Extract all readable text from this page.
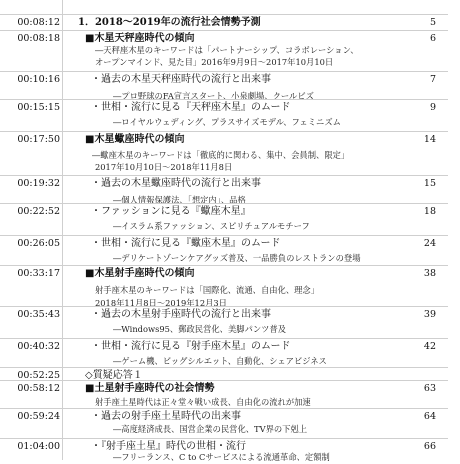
00:08:12 1．2018〜2019年の流行社会情勢予測	5
00:08:18	■木星天秤座時代の傾向	6
―天秤座木星のキーワードは「パートナーシップ、コラボレーション、
オープンマインド、見た目」2016年9月9日〜2017年10月10日
00:10:16	・過去の木星天秤座時代の流行と出来事	7
―プロ野球のFA宣言スタート、小泉劇場、クールビズ
00:15:15	・世相・流行に見る『天秤座木星』のムード	9
―ロイヤルウェディング、プラスサイズモデル、フェミニズム
00:17:50	■木星蠍座時代の傾向	14
―蠍座木星のキーワードは「徹底的に関わる、集中、会員制、限定」
2017年10月10日〜2018年11月8日
00:19:32	・過去の木星蠍座時代の流行と出来事	15
―個人情報保護法、「想定内」、品格
00:22:52	・ファッションに見る『蠍座木星』	18
―イスラム系ファッション、スピリチュアルモチーフ
00:26:05	・世相・流行に見る『蠍座木星』のムード	24
―デリケートゾーンケアグッズ普及、一品勝負のレストランの登場
00:33:17	■木星射手座時代の傾向	38
射手座木星のキーワードは「国際化、流通、自由化、理念」
2018年11月8日〜2019年12月3日
00:35:43	・過去の木星射手座時代の流行と出来事	39
―Windows95、郵政民営化、美脚パンツ普及
00:40:32	・世相・流行に見る『射手座木星』のムード	42
―ゲーム機、ビッグシルエット、自動化、シェアビジネス
00:52:25	◇質疑応答１
00:58:12	■土星射手座時代の社会情勢	63
射手座土星時代は正々堂々戦い成長、自由化の流れが加速
00:59:24	・過去の射手座土星時代の出来事	64
―高度経済成長、国営企業の民営化、TV界の下剋上
01:04:00	・『射手座土星』時代の世相・流行	66
―フリーランス、C to Cサービスによる流通革命、定額制
